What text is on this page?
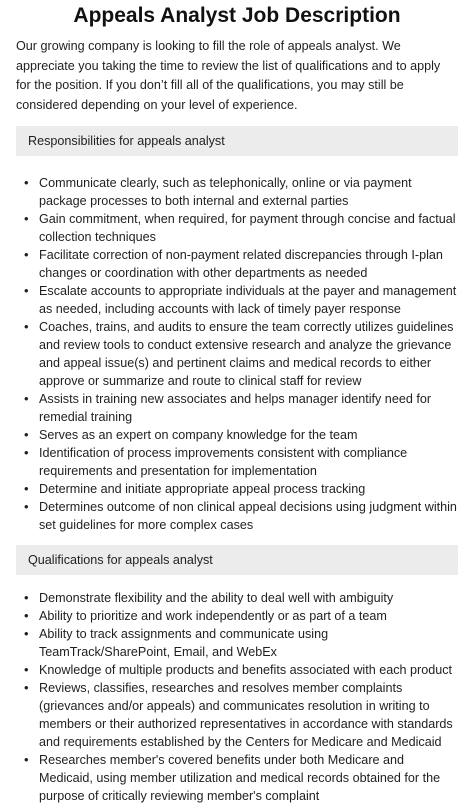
Appeals Analyst Job Description

Our growing company is looking to fill the role of appeals analyst. We appreciate you taking the time to review the list of qualifications and to apply for the position. If you don’t fill all of the qualifications, you may still be considered depending on your level of experience.

Responsibilities for appeals analyst
• Communicate clearly, such as telephonically, online or via payment package processes to both internal and external parties
• Gain commitment, when required, for payment through concise and factual collection techniques
• Facilitate correction of non-payment related discrepancies through I-plan changes or coordination with other departments as needed
• Escalate accounts to appropriate individuals at the payer and management as needed, including accounts with lack of timely payer response
• Coaches, trains, and audits to ensure the team correctly utilizes guidelines and review tools to conduct extensive research and analyze the grievance and appeal issue(s) and pertinent claims and medical records to either approve or summarize and route to clinical staff for review
• Assists in training new associates and helps manager identify need for remedial training
• Serves as an expert on company knowledge for the team
• Identification of process improvements consistent with compliance requirements and presentation for implementation
• Determine and initiate appropriate appeal process tracking
• Determines outcome of non clinical appeal decisions using judgment within set guidelines for more complex cases
Qualifications for appeals analyst
• Demonstrate flexibility and the ability to deal well with ambiguity
• Ability to prioritize and work independently or as part of a team
• Ability to track assignments and communicate using TeamTrack/SharePoint, Email, and WebEx
• Knowledge of multiple products and benefits associated with each product
• Reviews, classifies, researches and resolves member complaints (grievances and/or appeals) and communicates resolution in writing to members or their authorized representatives in accordance with standards and requirements established by the Centers for Medicare and Medicaid
• Researches member's covered benefits under both Medicare and Medicaid, using member utilization and medical records obtained for the purpose of critically reviewing member's complaint
